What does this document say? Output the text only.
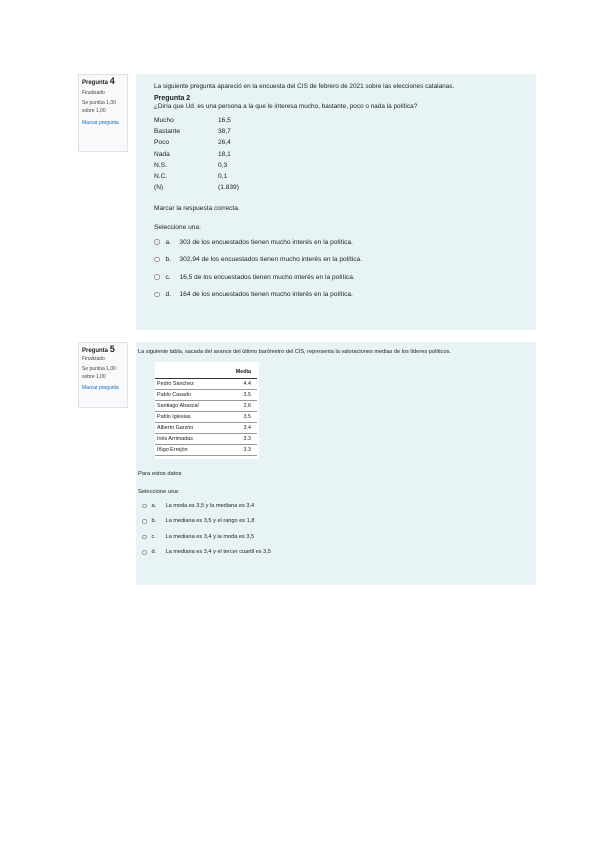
Pregunta 4
Finalizado
Se puntúa 1,00
sobre 1,00
Marcar pregunta
La siguiente pregunta apareció en la encuesta del CIS de febrero de 2021 sobre las elecciones catalanas.
Pregunta 2
¿Diría que Ud. es una persona a la que le interesa mucho, bastante, poco o nada la política?
Mucho	16,5
Bastante	38,7
Poco	26,4
Nada	18,1
N.S.	0,3
N.C.	0,1
(N)	(1.839)
Marcar la respuesta correcta.
Seleccione una:
a.	303 de los encuestados tienen mucho interés en la política.
b.	302,94 de los encuestados tienen mucho interés en la política.
c.	16,5 de los encuestados tienen mucho interés en la política.
d.	164 de los encuestados tienen mucho interés en la política.
Pregunta 5
Finalizado
Se puntúa 1,00
sobre 1,00
Marcar pregunta
La siguiente tabla, sacada del avance del último barómetro del CIS, representa la valoraciones medias de los líderes políticos.
	Media
Pedro Sánchez	4.4
Pablo Casado	3.5
Santiago Abascal	2.6
Pablo Iglesias	3.5
Alberto Garzón	3.4
Inés Arrimadas	3.3
Íñigo Errejón	3.3
Para estos datos
Seleccione una:
a.	La moda es 3,5 y la mediana es 3,4
b.	La mediana es 3,5 y el rango es 1,8
c.	La mediana es 3,4 y la moda es 3,5
d.	La mediana es 3,4 y el tercer cuartil es 3,5
